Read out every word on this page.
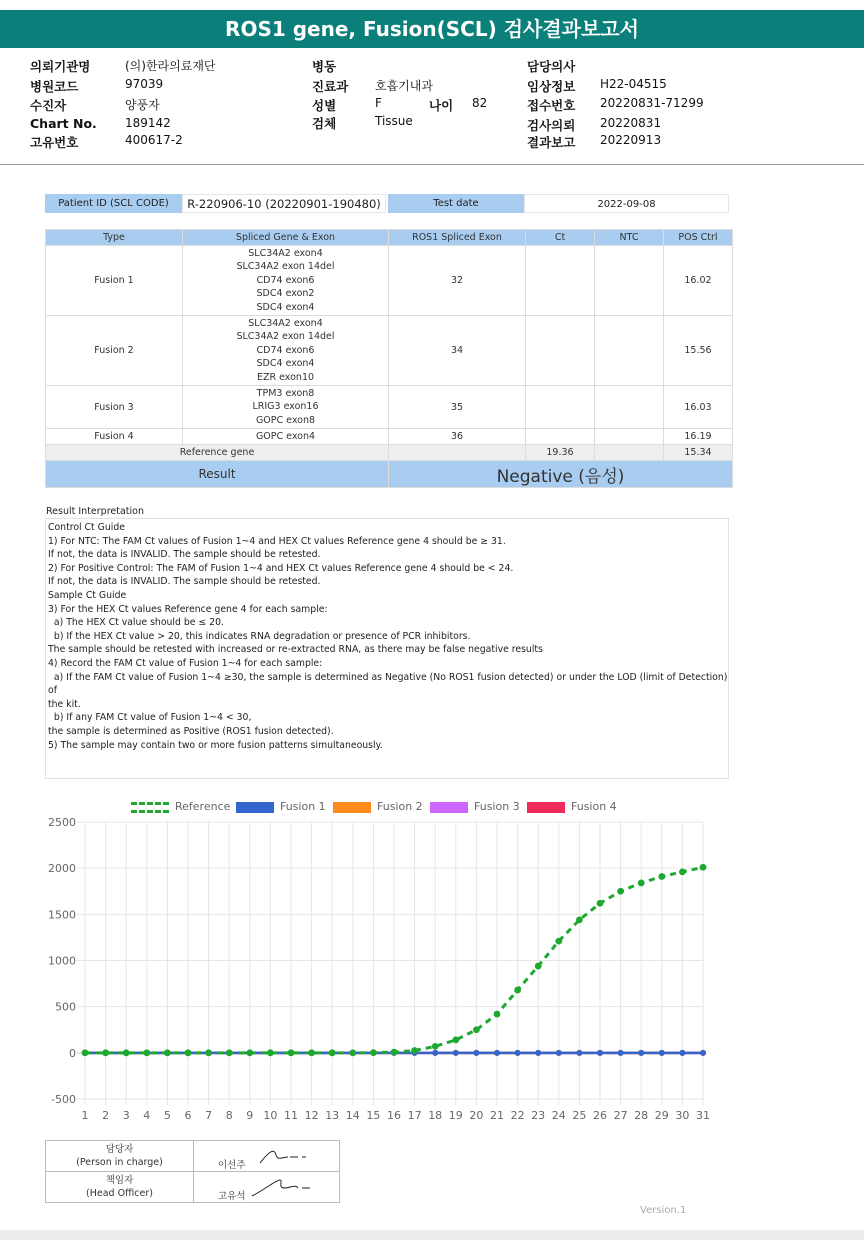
ROS1 gene, Fusion(SCL) 검사결과보고서
의뢰기관명	(의)한라의료재단
병원코드	97039
수진자	양풍자
Chart No. 189142
고유번호	400617-2
병동
진료과 호흡기내과
성별	F	나이 82
검체	Tissue
담당의사
임상정보 H22-04515
접수번호 20220831-71299
검사의뢰 20220831
결과보고 20220913
Patient ID (SCL CODE)	R-220906-10 (20220901-190480)	Test date	2022-09-08
Type	Spliced Gene & Exon	ROS1 Spliced Exon	Ct	NTC	POS Ctrl
Fusion 1	SLC34A2 exon4
SLC34A2 exon 14del
CD74 exon6
SDC4 exon2
SDC4 exon4	32			16.02
Fusion 2	SLC34A2 exon4
SLC34A2 exon 14del
CD74 exon6
SDC4 exon4
EZR exon10	34			15.56
Fusion 3	TPM3 exon8
LRIG3 exon16
GOPC exon8	35			16.03
Fusion 4	GOPC exon4	36			16.19
Reference gene			19.36		15.34
Result		Negative (음성)			
Result Interpretation
Control Ct Guide
1) For NTC: The FAM Ct values of Fusion 1~4 and HEX Ct values Reference gene 4 should be ≥ 31.
If not, the data is INVALID. The sample should be retested.
2) For Positive Control: The FAM of Fusion 1~4 and HEX Ct values Reference gene 4 should be < 24.
If not, the data is INVALID. The sample should be retested.
Sample Ct Guide
3) For the HEX Ct values Reference gene 4 for each sample:
a) The HEX Ct value should be ≤ 20.
b) If the HEX Ct value > 20, this indicates RNA degradation or presence of PCR inhibitors.
The sample should be retested with increased or re-extracted RNA, as there may be false negative results
4) Record the FAM Ct value of Fusion 1~4 for each sample:
a) If the FAM Ct value of Fusion 1~4 ≥30, the sample is determined as Negative (No ROS1 fusion detected) or under the LOD (limit of Detection) of
the kit.
b) If any FAM Ct value of Fusion 1~4 < 30,
the sample is determined as Positive (ROS1 fusion detected).
5) The sample may contain two or more fusion patterns simultaneously.
Reference	Fusion 1	Fusion 2	Fusion 3	Fusion 4
2500
2000
1500
1000
500
0
-500
1 2 3 4 5 6 7 8 9 10 11 12 13 14 15 16 17 18 19 20 21 22 23 24 25 26 27 28 29 30 31
담당자
(Person in charge)	이선주

책임자
(Head Officer)	고유석
Version.1
